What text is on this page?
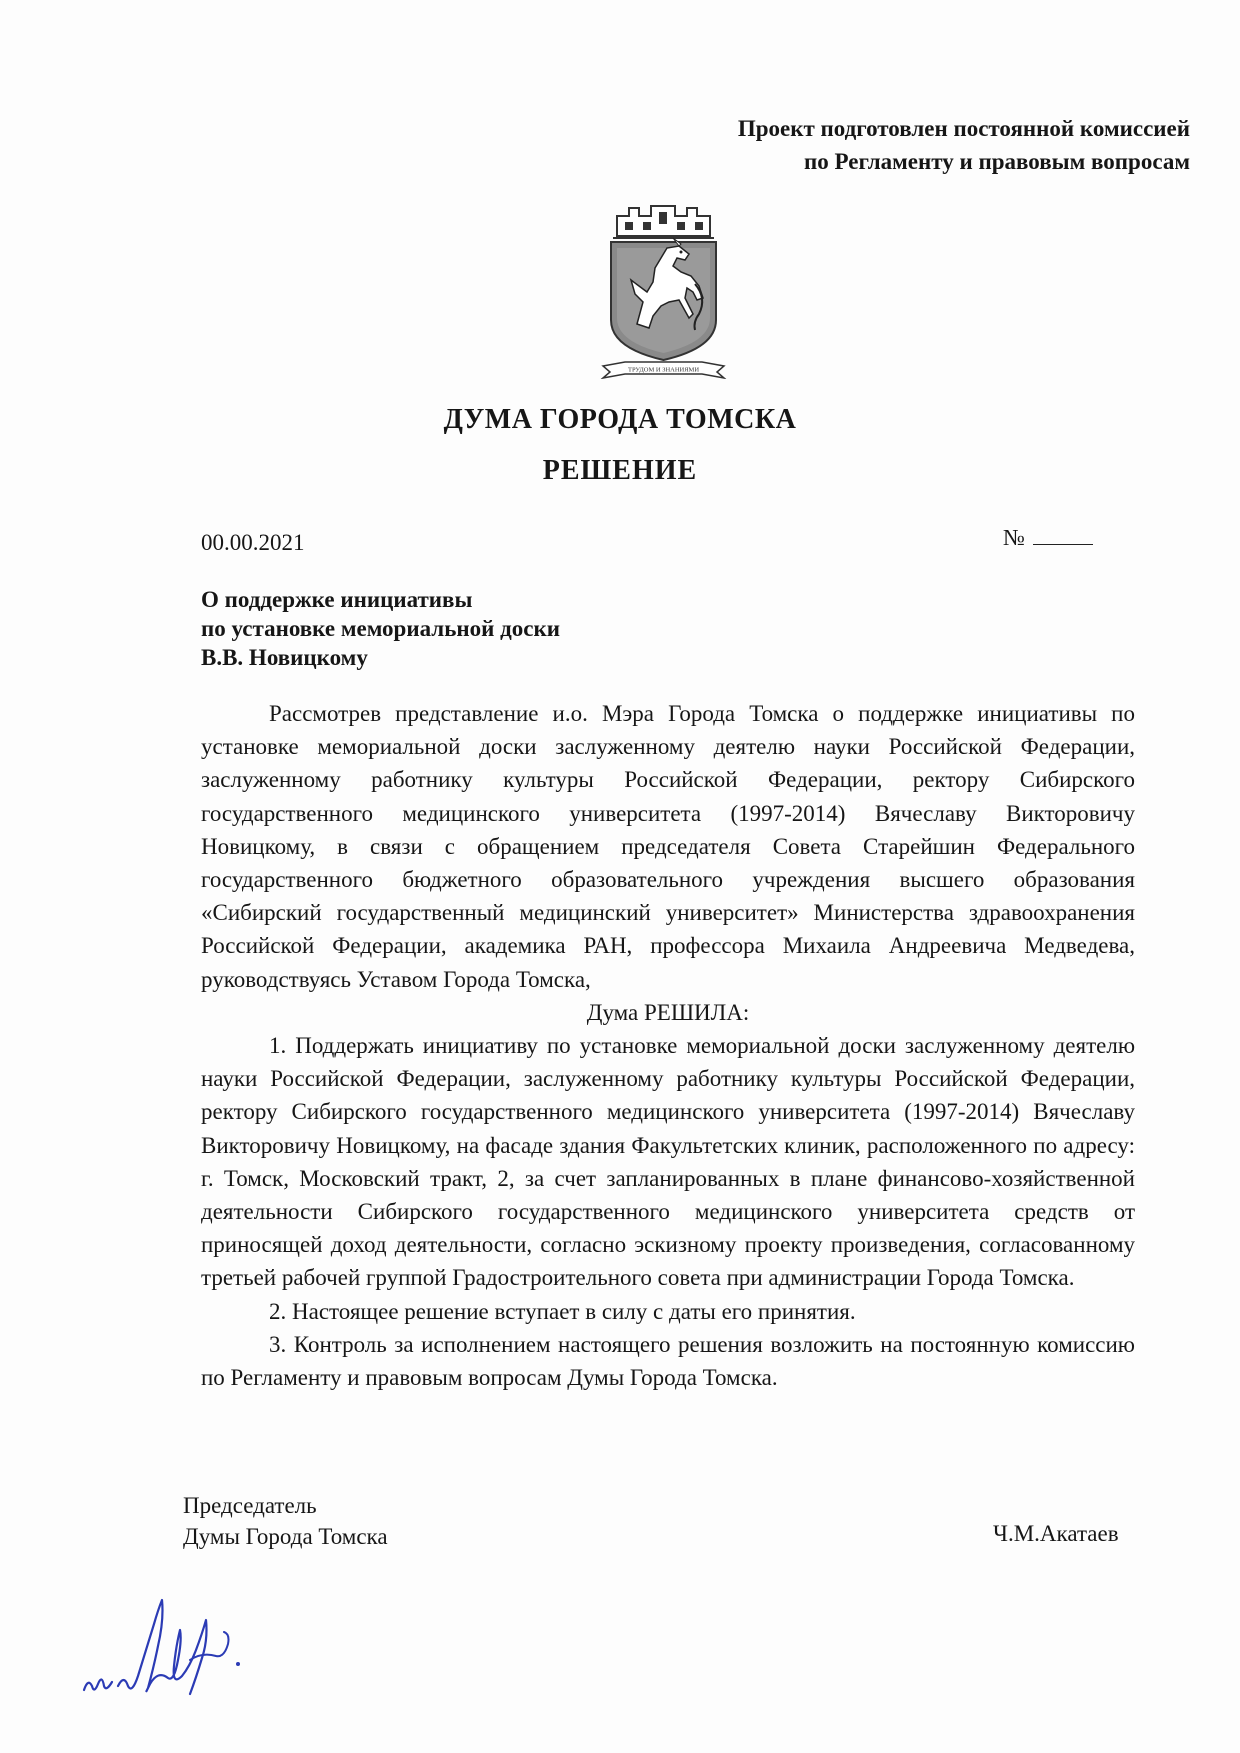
Проект подготовлен постоянной комиссией
по Регламенту и правовым вопросам
ТРУДОМ И ЗНАНИЯМИ
ДУМА ГОРОДА ТОМСКА
РЕШЕНИЕ
00.00.2021	№
О поддержке инициативы
по установке мемориальной доски
В.В. Новицкому

Рассмотрев представление и.о. Мэра Города Томска о поддержке инициативы по установке мемориальной доски заслуженному деятелю науки Российской Федерации, заслуженному работнику культуры Российской Федерации, ректору Сибирского государственного медицинского университета (1997-2014) Вячеславу Викторовичу Новицкому, в связи с обращением председателя Совета Старейшин Федерального государственного бюджетного образовательного учреждения высшего образования «Сибирский государственный медицинский университет» Министерства здравоохранения Российской Федерации, академика РАН, профессора Михаила Андреевича Медведева, руководствуясь Уставом Города Томска,

Дума РЕШИЛА:

1. Поддержать инициативу по установке мемориальной доски заслуженному деятелю науки Российской Федерации, заслуженному работнику культуры Российской Федерации, ректору Сибирского государственного медицинского университета (1997-2014) Вячеславу Викторовичу Новицкому, на фасаде здания Факультетских клиник, расположенного по адресу: г. Томск, Московский тракт, 2, за счет запланированных в плане финансово-хозяйственной деятельности Сибирского государственного медицинского университета средств от приносящей доход деятельности, согласно эскизному проекту произведения, согласованному третьей рабочей группой Градостроительного совета при администрации Города Томска.

2. Настоящее решение вступает в силу с даты его принятия.

3. Контроль за исполнением настоящего решения возложить на постоянную комиссию по Регламенту и правовым вопросам Думы Города Томска.

Председатель
Думы Города Томска	Ч.М.Акатаев
